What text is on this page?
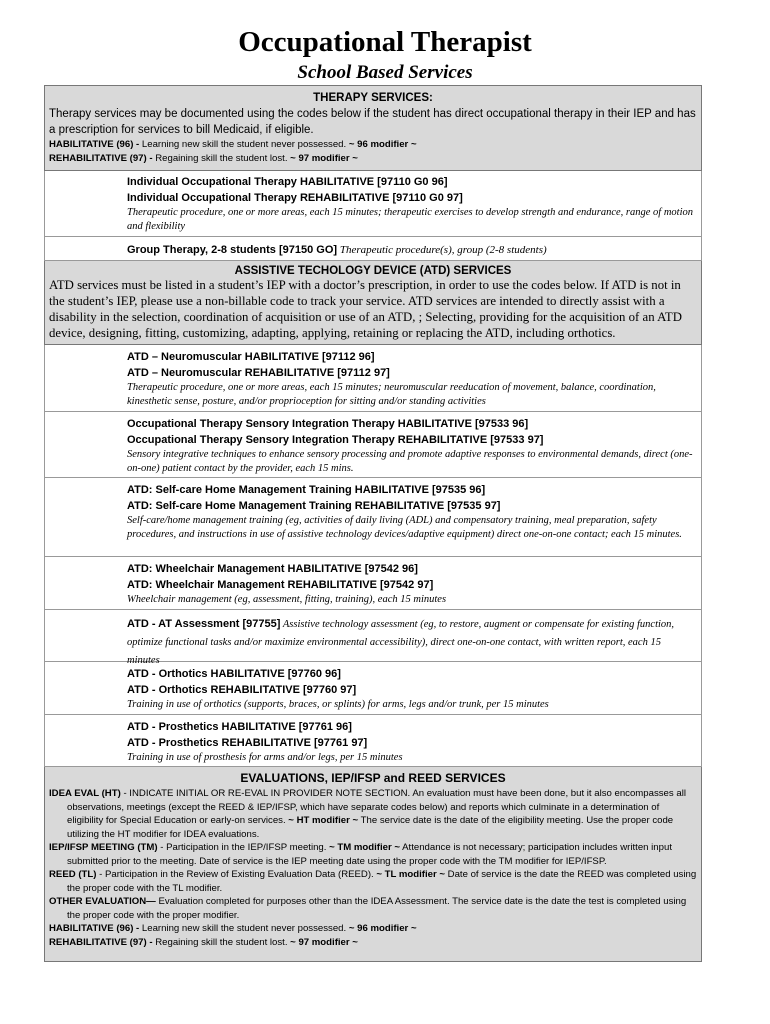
Occupational Therapist
School Based Services
THERAPY SERVICES:
Therapy services may be documented using the codes below if the student has direct occupational therapy in their IEP and has a prescription for services to bill Medicaid, if eligible.
HABILITATIVE (96) - Learning new skill the student never possessed. ~ 96 modifier ~
REHABILITATIVE (97) - Regaining skill the student lost. ~ 97 modifier ~
Individual Occupational Therapy HABILITATIVE [97110 G0 96]
Individual Occupational Therapy REHABILITATIVE [97110 G0 97]
Therapeutic procedure, one or more areas, each 15 minutes; therapeutic exercises to develop strength and endurance, range of motion and flexibility
Group Therapy, 2-8 students [97150 GO] Therapeutic procedure(s), group (2-8 students)
ASSISTIVE TECHOLOGY DEVICE (ATD) SERVICES
ATD services must be listed in a student’s IEP with a doctor’s prescription, in order to use the codes below. If ATD is not in the student’s IEP, please use a non-billable code to track your service. ATD services are intended to directly assist with a disability in the selection, coordination of acquisition or use of an ATD, ; Selecting, providing for the acquisition of an ATD device, designing, fitting, customizing, adapting, applying, retaining or replacing the ATD, including orthotics.
ATD – Neuromuscular HABILITATIVE [97112 96]
ATD – Neuromuscular REHABILITATIVE [97112 97]
Therapeutic procedure, one or more areas, each 15 minutes; neuromuscular reeducation of movement, balance, coordination, kinesthetic sense, posture, and/or proprioception for sitting and/or standing activities
Occupational Therapy Sensory Integration Therapy HABILITATIVE [97533 96]
Occupational Therapy Sensory Integration Therapy REHABILITATIVE [97533 97]
Sensory integrative techniques to enhance sensory processing and promote adaptive responses to environmental demands, direct (one-on-one) patient contact by the provider, each 15 mins.
ATD: Self-care Home Management Training HABILITATIVE [97535 96]
ATD: Self-care Home Management Training REHABILITATIVE [97535 97]
Self-care/home management training (eg, activities of daily living (ADL) and compensatory training, meal preparation, safety procedures, and instructions in use of assistive technology devices/adaptive equipment) direct one-on-one contact; each 15 minutes.
ATD: Wheelchair Management HABILITATIVE [97542 96]
ATD: Wheelchair Management REHABILITATIVE [97542 97]
Wheelchair management (eg, assessment, fitting, training), each 15 minutes
ATD - AT Assessment [97755] Assistive technology assessment (eg, to restore, augment or compensate for existing function, optimize functional tasks and/or maximize environmental accessibility), direct one-on-one contact, with written report, each 15 minutes
ATD - Orthotics HABILITATIVE [97760 96]
ATD - Orthotics REHABILITATIVE [97760 97]
Training in use of orthotics (supports, braces, or splints) for arms, legs and/or trunk, per 15 minutes
ATD - Prosthetics HABILITATIVE [97761 96]
ATD - Prosthetics REHABILITATIVE [97761 97]
Training in use of prosthesis for arms and/or legs, per 15 minutes
EVALUATIONS, IEP/IFSP and REED SERVICES
IDEA EVAL (HT) - INDICATE INITIAL OR RE-EVAL IN PROVIDER NOTE SECTION. An evaluation must have been done, but it also encompasses all observations, meetings (except the REED & IEP/IFSP, which have separate codes below) and reports which culminate in a determination of eligibility for Special Education or early-on services. ~ HT modifier ~ The service date is the date of the eligibility meeting. Use the proper code utilizing the HT modifier for IDEA evaluations.
IEP/IFSP MEETING (TM) - Participation in the IEP/IFSP meeting. ~ TM modifier ~ Attendance is not necessary; participation includes written input submitted prior to the meeting. Date of service is the IEP meeting date using the proper code with the TM modifier for IEP/IFSP.
REED (TL) - Participation in the Review of Existing Evaluation Data (REED). ~ TL modifier ~ Date of service is the date the REED was completed using the proper code with the TL modifier.
OTHER EVALUATION— Evaluation completed for purposes other than the IDEA Assessment. The service date is the date the test is completed using the proper code with the proper modifier.
HABILITATIVE (96) - Learning new skill the student never possessed. ~ 96 modifier ~
REHABILITATIVE (97) - Regaining skill the student lost. ~ 97 modifier ~
